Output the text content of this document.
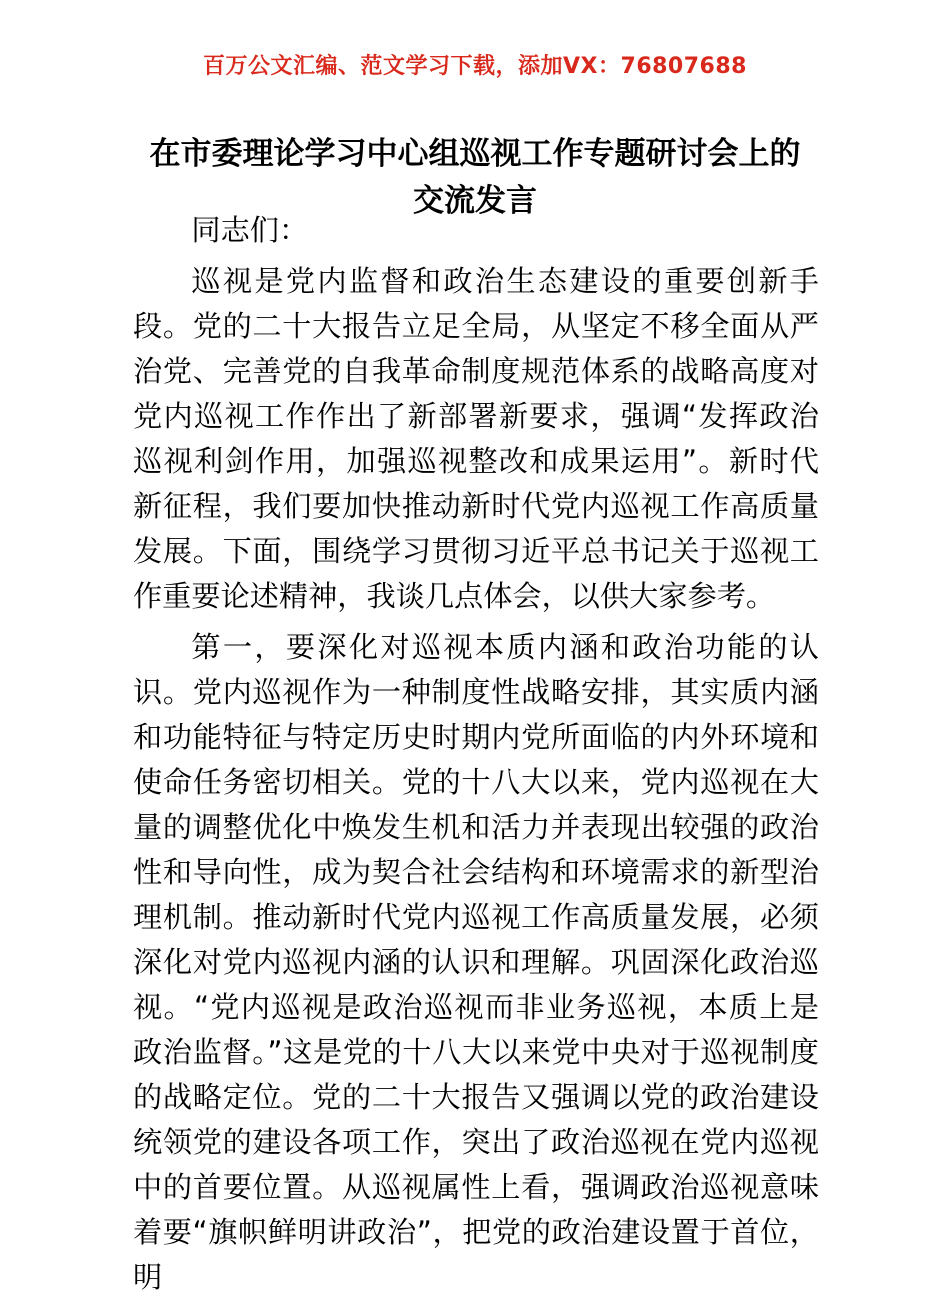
百万公文汇编、范文学习下载，添加VX：76807688
在市委理论学习中心组巡视工作专题研讨会上的交流发言

同志们：

巡视是党内监督和政治生态建设的重要创新手段。党的二十大报告立足全局，从坚定不移全面从严治党、完善党的自我革命制度规范体系的战略高度对党内巡视工作作出了新部署新要求，强调“发挥政治巡视利剑作用，加强巡视整改和成果运用”。新时代新征程，我们要加快推动新时代党内巡视工作高质量发展。下面，围绕学习贯彻习近平总书记关于巡视工作重要论述精神，我谈几点体会，以供大家参考。

第一，要深化对巡视本质内涵和政治功能的认识。党内巡视作为一种制度性战略安排，其实质内涵和功能特征与特定历史时期内党所面临的内外环境和使命任务密切相关。党的十八大以来，党内巡视在大量的调整优化中焕发生机和活力并表现出较强的政治性和导向性，成为契合社会结构和环境需求的新型治理机制。推动新时代党内巡视工作高质量发展，必须深化对党内巡视内涵的认识和理解。巩固深化政治巡视。“党内巡视是政治巡视而非业务巡视，本质上是政治监督。”这是党的十八大以来党中央对于巡视制度的战略定位。党的二十大报告又强调以党的政治建设统领党的建设各项工作，突出了政治巡视在党内巡视中的首要位置。从巡视属性上看，强调政治巡视意味着要“旗帜鲜明讲政治”，把党的政治建设置于首位，明
